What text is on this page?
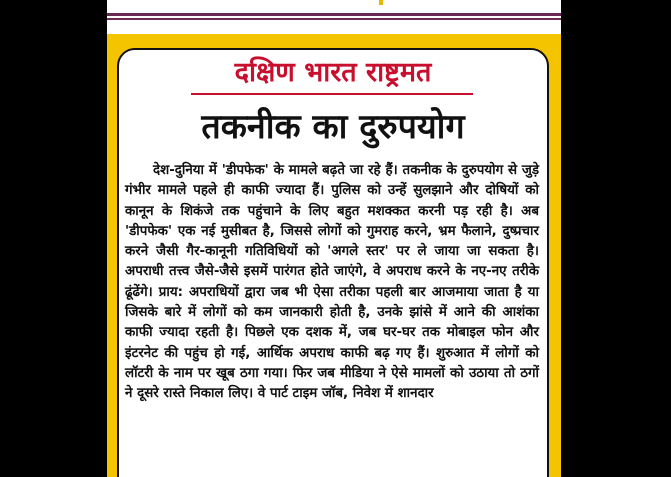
दक्षिण भारत राष्ट्रमत
तकनीक का दुरुपयोग

देश-दुनिया में 'डीपफेक' के मामले बढ़ते जा रहे हैं। तकनीक के दुरुपयोग से जुड़े गंभीर मामले पहले ही काफी ज्यादा हैं। पुलिस को उन्हें सुलझाने और दोषियों को कानून के शिकंजे तक पहुंचाने के लिए बहुत मशक्कत करनी पड़ रही है। अब 'डीपफेक' एक नई मुसीबत है, जिससे लोगों को गुमराह करने, भ्रम फैलाने, दुष्प्रचार करने जैसी गैर-कानूनी गतिविधियों को 'अगले स्तर' पर ले जाया जा सकता है। अपराधी तत्त्व जैसे-जैसे इसमें पारंगत होते जाएंगे, वे अपराध करने के नए-नए तरीके ढूंढेंगे। प्राय: अपराधियों द्वारा जब भी ऐसा तरीका पहली बार आजमाया जाता है या जिसके बारे में लोगों को कम जानकारी होती है, उनके झांसे में आने की आशंका काफी ज्यादा रहती है। पिछले एक दशक में, जब घर-घर तक मोबाइल फोन और इंटरनेट की पहुंच हो गई, आर्थिक अपराध काफी बढ़ गए हैं। शुरुआत में लोगों को लॉटरी के नाम पर खूब ठगा गया। फिर जब मीडिया ने ऐसे मामलों को उठाया तो ठगों ने दूसरे रास्ते निकाल लिए। वे पार्ट टाइम जॉब, निवेश में शानदार
